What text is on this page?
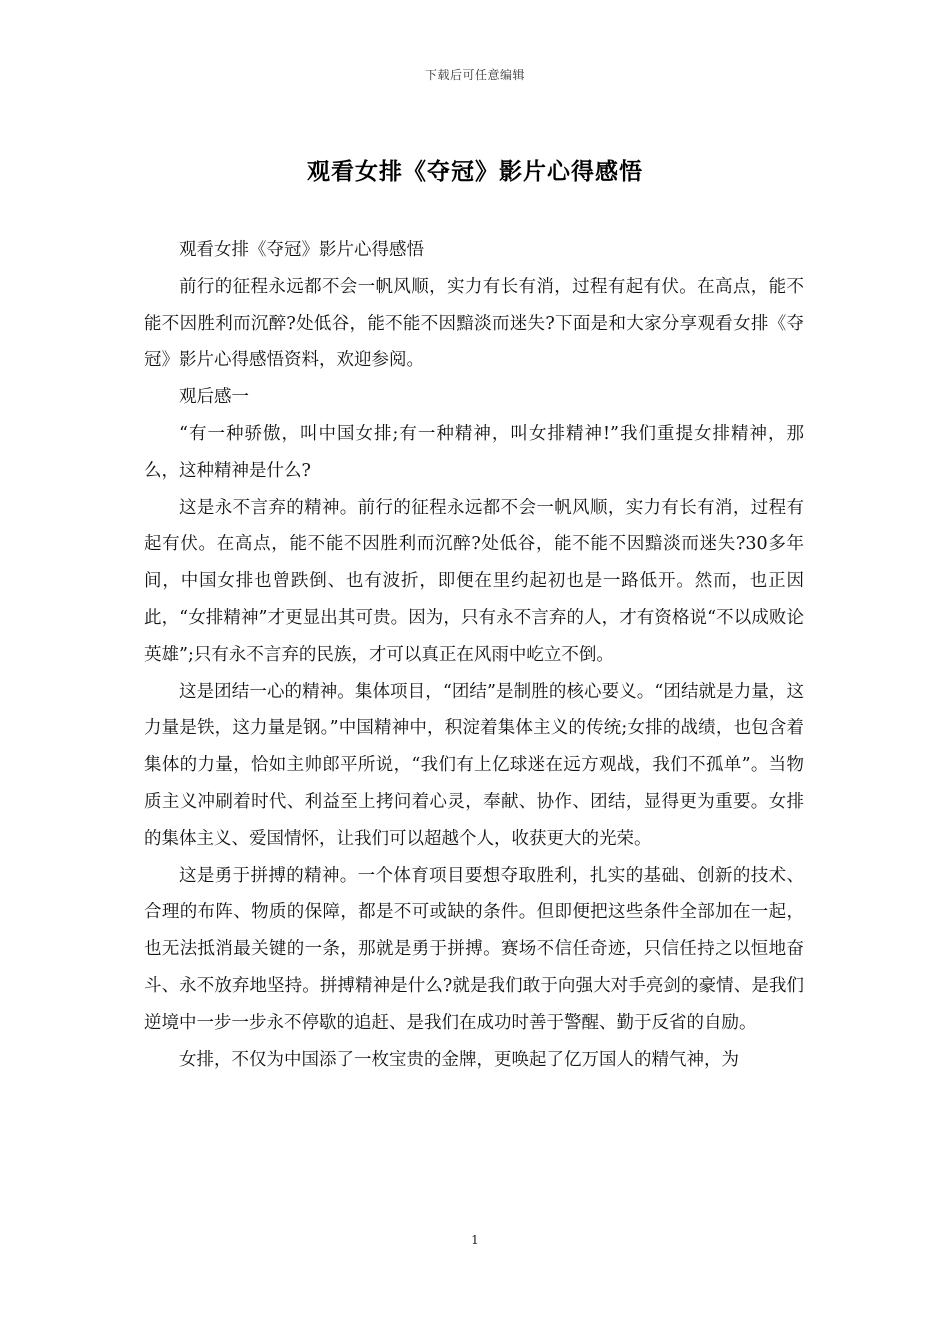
下载后可任意编辑
观看女排《夺冠》影片心得感悟

观看女排《夺冠》影片心得感悟

前行的征程永远都不会一帆风顺，实力有长有消，过程有起有伏。在高点，能不能不因胜利而沉醉?处低谷，能不能不因黯淡而迷失?下面是和大家分享观看女排《夺冠》影片心得感悟资料，欢迎参阅。

观后感一

“有一种骄傲，叫中国女排;有一种精神，叫女排精神!”我们重提女排精神，那么，这种精神是什么?

这是永不言弃的精神。前行的征程永远都不会一帆风顺，实力有长有消，过程有起有伏。在高点，能不能不因胜利而沉醉?处低谷，能不能不因黯淡而迷失?30多年间，中国女排也曾跌倒、也有波折，即便在里约起初也是一路低开。然而，也正因此，“女排精神”才更显出其可贵。因为，只有永不言弃的人，才有资格说“不以成败论英雄”;只有永不言弃的民族，才可以真正在风雨中屹立不倒。

这是团结一心的精神。集体项目，“团结”是制胜的核心要义。“团结就是力量，这力量是铁，这力量是钢。”中国精神中，积淀着集体主义的传统;女排的战绩，也包含着集体的力量，恰如主帅郎平所说，“我们有上亿球迷在远方观战，我们不孤单”。当物质主义冲刷着时代、利益至上拷问着心灵，奉献、协作、团结，显得更为重要。女排的集体主义、爱国情怀，让我们可以超越个人，收获更大的光荣。

这是勇于拼搏的精神。一个体育项目要想夺取胜利，扎实的基础、创新的技术、合理的布阵、物质的保障，都是不可或缺的条件。但即便把这些条件全部加在一起，也无法抵消最关键的一条，那就是勇于拼搏。赛场不信任奇迹，只信任持之以恒地奋斗、永不放弃地坚持。拼搏精神是什么?就是我们敢于向强大对手亮剑的豪情、是我们逆境中一步一步永不停歇的追赶、是我们在成功时善于警醒、勤于反省的自励。

女排，不仅为中国添了一枚宝贵的金牌，更唤起了亿万国人的精气神，为

1
